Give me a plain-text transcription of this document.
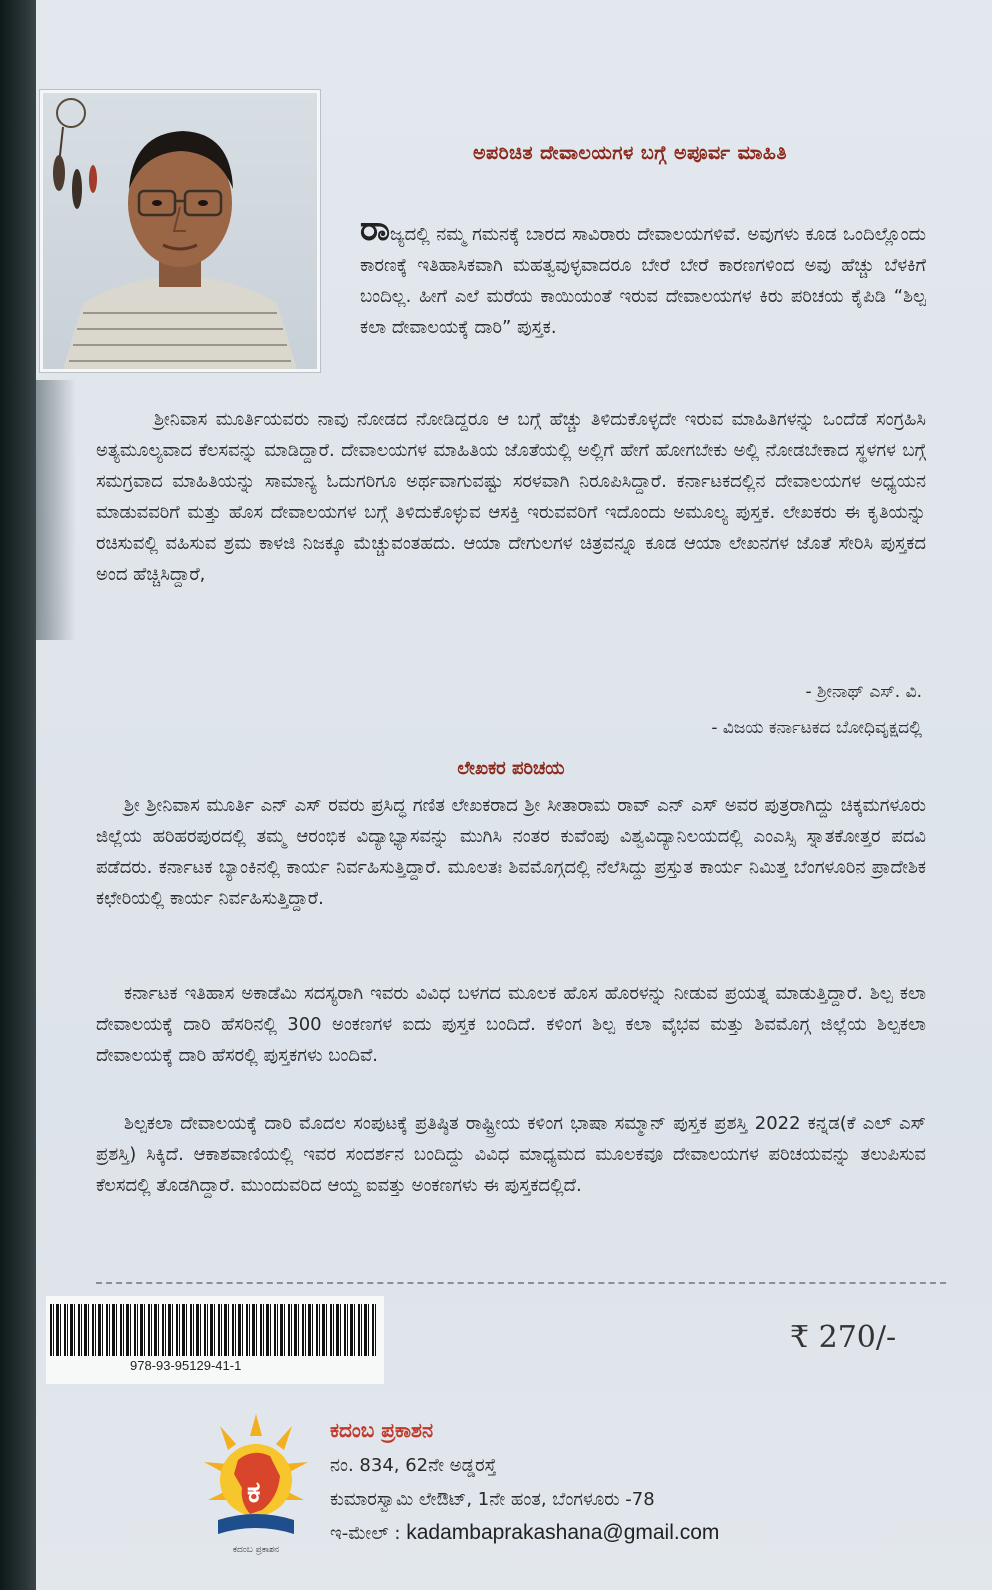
ಅಪರಿಚಿತ ದೇವಾಲಯಗಳ ಬಗ್ಗೆ ಅಪೂರ್ವ ಮಾಹಿತಿ

ರಾಜ್ಯದಲ್ಲಿ ನಮ್ಮ ಗಮನಕ್ಕೆ ಬಾರದ ಸಾವಿರಾರು ದೇವಾಲಯಗಳಿವೆ. ಅವುಗಳು ಕೂಡ ಒಂದಿಲ್ಲೊಂದು ಕಾರಣಕ್ಕೆ ಇತಿಹಾಸಿಕವಾಗಿ ಮಹತ್ವವುಳ್ಳವಾದರೂ ಬೇರೆ ಬೇರೆ ಕಾರಣಗಳಿಂದ ಅವು ಹೆಚ್ಚು ಬೆಳಕಿಗೆ ಬಂದಿಲ್ಲ. ಹೀಗೆ ಎಲೆ ಮರೆಯ ಕಾಯಿಯಂತೆ ಇರುವ ದೇವಾಲಯಗಳ ಕಿರು ಪರಿಚಯ ಕೈಪಿಡಿ “ಶಿಲ್ಪ ಕಲಾ ದೇವಾಲಯಕ್ಕೆ ದಾರಿ” ಪುಸ್ತಕ.

ಶ್ರೀನಿವಾಸ ಮೂರ್ತಿಯವರು ನಾವು ನೋಡದ ನೋಡಿದ್ದರೂ ಆ ಬಗ್ಗೆ ಹೆಚ್ಚು ತಿಳಿದುಕೊಳ್ಳದೇ ಇರುವ ಮಾಹಿತಿಗಳನ್ನು ಒಂದೆಡೆ ಸಂಗ್ರಹಿಸಿ ಅತ್ಯಮೂಲ್ಯವಾದ ಕೆಲಸವನ್ನು ಮಾಡಿದ್ದಾರೆ. ದೇವಾಲಯಗಳ ಮಾಹಿತಿಯ ಜೊತೆಯಲ್ಲಿ ಅಲ್ಲಿಗೆ ಹೇಗೆ ಹೋಗಬೇಕು ಅಲ್ಲಿ ನೋಡಬೇಕಾದ ಸ್ಥಳಗಳ ಬಗ್ಗೆ ಸಮಗ್ರವಾದ ಮಾಹಿತಿಯನ್ನು ಸಾಮಾನ್ಯ ಓದುಗರಿಗೂ ಅರ್ಥವಾಗುವಷ್ಟು ಸರಳವಾಗಿ ನಿರೂಪಿಸಿದ್ದಾರೆ. ಕರ್ನಾಟಕದಲ್ಲಿನ ದೇವಾಲಯಗಳ ಅಧ್ಯಯನ ಮಾಡುವವರಿಗೆ ಮತ್ತು ಹೊಸ ದೇವಾಲಯಗಳ ಬಗ್ಗೆ ತಿಳಿದುಕೊಳ್ಳುವ ಆಸಕ್ತಿ ಇರುವವರಿಗೆ ಇದೊಂದು ಅಮೂಲ್ಯ ಪುಸ್ತಕ. ಲೇಖಕರು ಈ ಕೃತಿಯನ್ನು ರಚಿಸುವಲ್ಲಿ ವಹಿಸುವ ಶ್ರಮ ಕಾಳಜಿ ನಿಜಕ್ಕೂ ಮೆಚ್ಚುವಂತಹದು. ಆಯಾ ದೇಗುಲಗಳ ಚಿತ್ರವನ್ನೂ ಕೂಡ ಆಯಾ ಲೇಖನಗಳ ಜೊತೆ ಸೇರಿಸಿ ಪುಸ್ತಕದ ಅಂದ ಹೆಚ್ಚಿಸಿದ್ದಾರೆ,

- ಶ್ರೀನಾಥ್ ಎಸ್. ವಿ.

- ವಿಜಯ ಕರ್ನಾಟಕದ ಬೋಧಿವೃಕ್ಷದಲ್ಲಿ

ಲೇಖಕರ ಪರಿಚಯ

ಶ್ರೀ ಶ್ರೀನಿವಾಸ ಮೂರ್ತಿ ಎನ್ ಎಸ್ ರವರು ಪ್ರಸಿದ್ಧ ಗಣಿತ ಲೇಖಕರಾದ ಶ್ರೀ ಸೀತಾರಾಮ ರಾವ್ ಎನ್ ಎಸ್ ಅವರ ಪುತ್ರರಾಗಿದ್ದು ಚಿಕ್ಕಮಗಳೂರು ಜಿಲ್ಲೆಯ ಹರಿಹರಪುರದಲ್ಲಿ ತಮ್ಮ ಆರಂಭಿಕ ವಿದ್ಯಾಭ್ಯಾಸವನ್ನು ಮುಗಿಸಿ ನಂತರ ಕುವೆಂಪು ವಿಶ್ವವಿದ್ಯಾನಿಲಯದಲ್ಲಿ ಎಂಎಸ್ಸಿ ಸ್ನಾತಕೋತ್ತರ ಪದವಿ ಪಡೆದರು. ಕರ್ನಾಟಕ ಬ್ಯಾಂಕಿನಲ್ಲಿ ಕಾರ್ಯ ನಿರ್ವಹಿಸುತ್ತಿದ್ದಾರೆ. ಮೂಲತಃ ಶಿವಮೊಗ್ಗದಲ್ಲಿ ನೆಲೆಸಿದ್ದು ಪ್ರಸ್ತುತ ಕಾರ್ಯ ನಿಮಿತ್ತ ಬೆಂಗಳೂರಿನ ಪ್ರಾದೇಶಿಕ ಕಛೇರಿಯಲ್ಲಿ ಕಾರ್ಯ ನಿರ್ವಹಿಸುತ್ತಿದ್ದಾರೆ.

ಕರ್ನಾಟಕ ಇತಿಹಾಸ ಅಕಾಡೆಮಿ ಸದಸ್ಯರಾಗಿ ಇವರು ವಿವಿಧ ಬಳಗದ ಮೂಲಕ ಹೊಸ ಹೊರಳನ್ನು ನೀಡುವ ಪ್ರಯತ್ನ ಮಾಡುತ್ತಿದ್ದಾರೆ. ಶಿಲ್ಪ ಕಲಾ ದೇವಾಲಯಕ್ಕೆ ದಾರಿ ಹೆಸರಿನಲ್ಲಿ 300 ಅಂಕಣಗಳ ಐದು ಪುಸ್ತಕ ಬಂದಿದೆ. ಕಳಿಂಗ ಶಿಲ್ಪ ಕಲಾ ವೈಭವ ಮತ್ತು ಶಿವಮೊಗ್ಗ ಜಿಲ್ಲೆಯ ಶಿಲ್ಪಕಲಾ ದೇವಾಲಯಕ್ಕೆ ದಾರಿ ಹೆಸರಲ್ಲಿ ಪುಸ್ತಕಗಳು ಬಂದಿವೆ.

ಶಿಲ್ಪಕಲಾ ದೇವಾಲಯಕ್ಕೆ ದಾರಿ ಮೊದಲ ಸಂಪುಟಕ್ಕೆ ಪ್ರತಿಷ್ಠಿತ ರಾಷ್ಟ್ರೀಯ ಕಳಿಂಗ ಭಾಷಾ ಸಮ್ಮಾನ್ ಪುಸ್ತಕ ಪ್ರಶಸ್ತಿ 2022 ಕನ್ನಡ(ಕೆ ಎಲ್ ಎಸ್ ಪ್ರಶಸ್ತಿ) ಸಿಕ್ಕಿದೆ. ಆಕಾಶವಾಣಿಯಲ್ಲಿ ಇವರ ಸಂದರ್ಶನ ಬಂದಿದ್ದು ವಿವಿಧ ಮಾಧ್ಯಮದ ಮೂಲಕವೂ ದೇವಾಲಯಗಳ ಪರಿಚಯವನ್ನು ತಲುಪಿಸುವ ಕೆಲಸದಲ್ಲಿ ತೊಡಗಿದ್ದಾರೆ. ಮುಂದುವರಿದ ಆಯ್ದ ಐವತ್ತು ಅಂಕಣಗಳು ಈ ಪುಸ್ತಕದಲ್ಲಿದೆ.

978-93-95129-41-1

₹ 270/-

ಕ
ಕದಂಬ ಪ್ರಕಾಶನ

ಕದಂಬ ಪ್ರಕಾಶನ

ನಂ. 834, 62ನೇ ಅಡ್ಡರಸ್ತೆ

ಕುಮಾರಸ್ವಾಮಿ ಲೇಔಟ್, 1ನೇ ಹಂತ, ಬೆಂಗಳೂರು -78

ಇ-ಮೇಲ್ : kadambaprakashana@gmail.com
